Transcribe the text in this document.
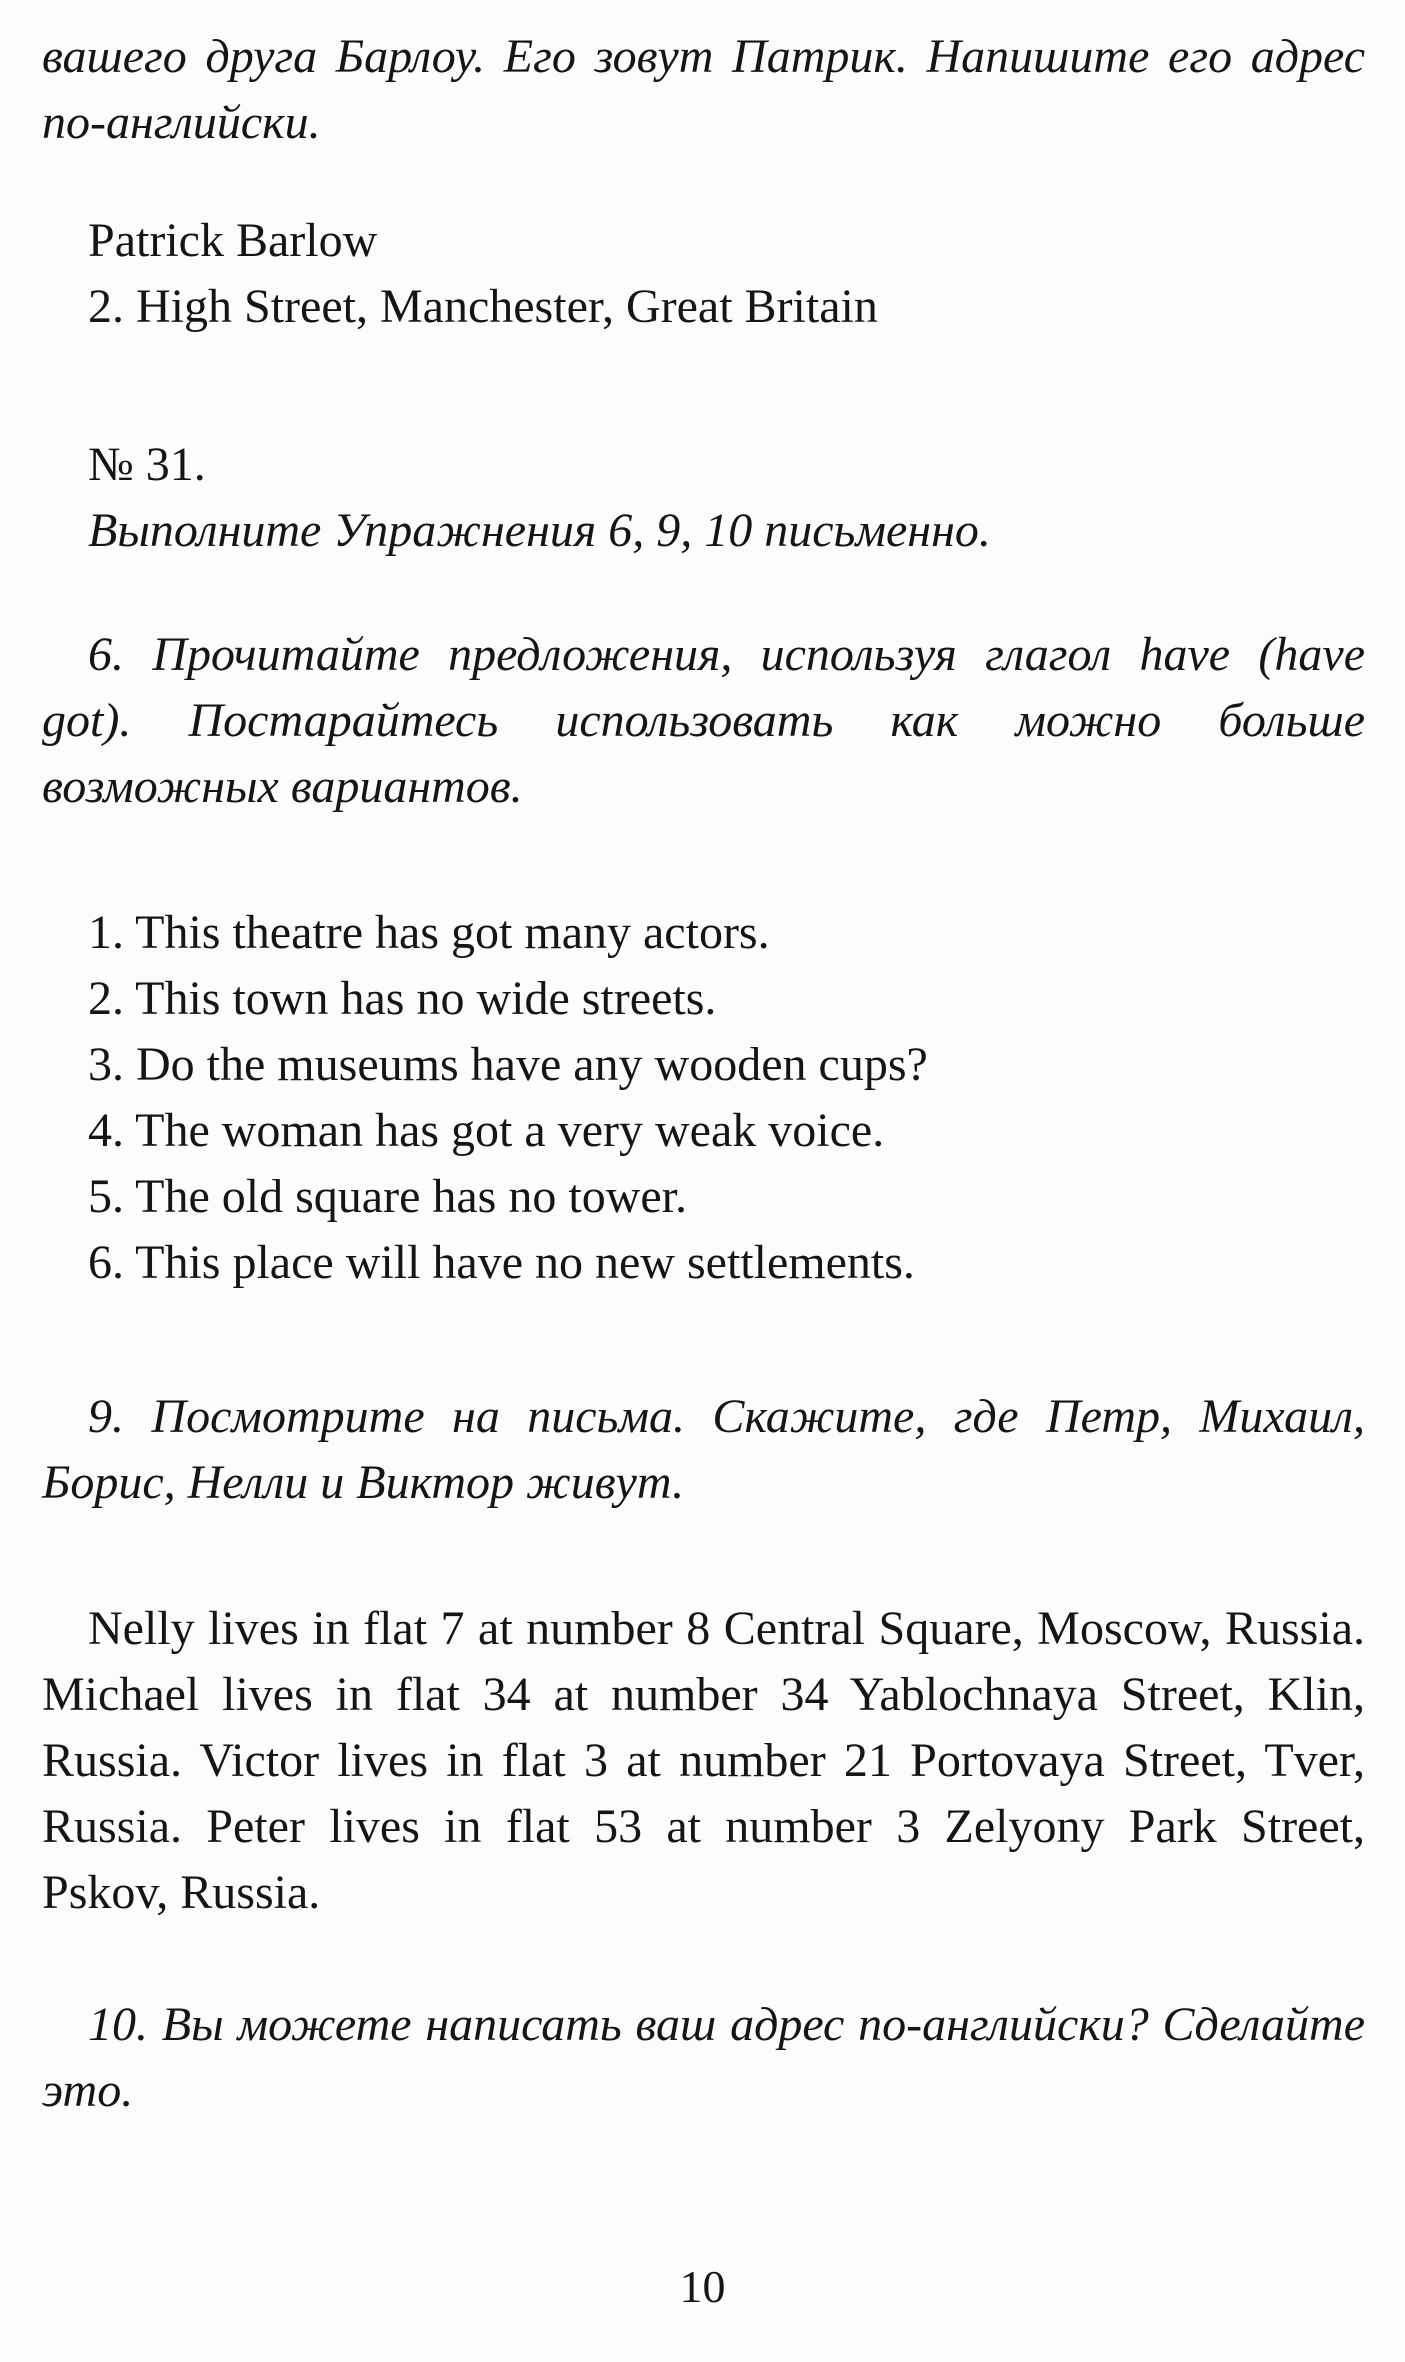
вашего друга Барлоу. Его зовут Патрик. Напишите его адрес по-английски.

Patrick Barlow

2. High Street, Manchester, Great Britain

№ 31.

Выполните Упражнения 6, 9, 10 письменно.

6. Прочитайте предложения, используя глагол have (have got). Постарайтесь использовать как можно больше возможных вариантов.

1. This theatre has got many actors.

2. This town has no wide streets.

3. Do the museums have any wooden cups?

4. The woman has got a very weak voice.

5. The old square has no tower.

6. This place will have no new settlements.

9. Посмотрите на письма. Скажите, где Петр, Михаил, Борис, Нелли и Виктор живут.

Nelly lives in flat 7 at number 8 Central Square, Moscow, Russia. Michael lives in flat 34 at number 34 Yablochnaya Street, Klin, Russia. Victor lives in flat 3 at number 21 Portovaya Street, Tver, Russia. Peter lives in flat 53 at number 3 Zelyony Park Street, Pskov, Russia.

10. Вы можете написать ваш адрес по-английски? Сделайте это.

10
